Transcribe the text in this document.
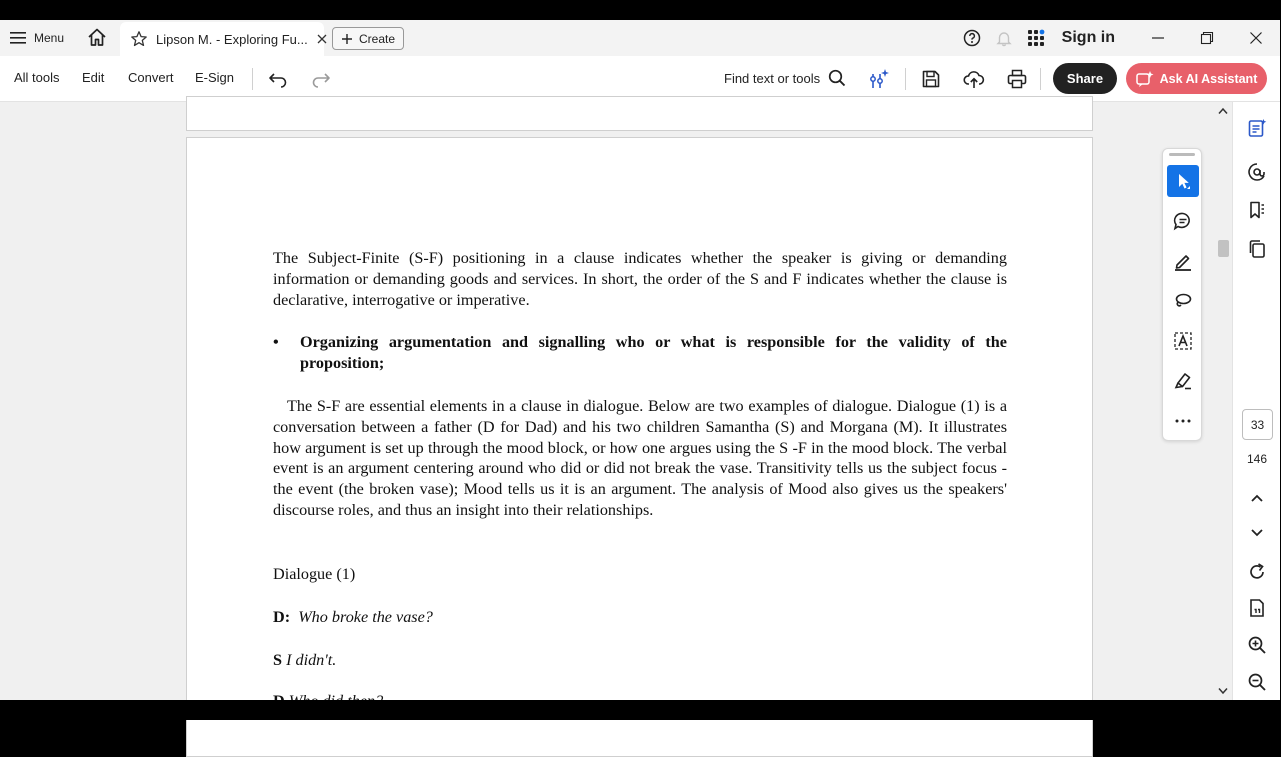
Menu	Lipson M. - Exploring Fu...	Create	Sign in
All tools Edit Convert E-Sign	Find text or tools	Share	Ask AI Assistant

The Subject-Finite (S-F) positioning in a clause indicates whether the speaker is giving or demanding information or demanding goods and services. In short, the order of the S and F indicates whether the clause is declarative, interrogative or imperative.

• Organizing argumentation and signalling who or what is responsible for the validity of the proposition;

The S-F are essential elements in a clause in dialogue. Below are two examples of dialogue. Dialogue (1) is a conversation between a father (D for Dad) and his two children Samantha (S) and Morgana (M). It illustrates how argument is set up through the mood block, or how one argues using the S -F in the mood block. The verbal event is an argument centering around who did or did not break the vase. Transitivity tells us the subject focus - the event (the broken vase); Mood tells us it is an argument. The analysis of Mood also gives us the speakers' discourse roles, and thus an insight into their relationships.

Dialogue (1)

D: Who broke the vase?

S I didn't.

33
146
